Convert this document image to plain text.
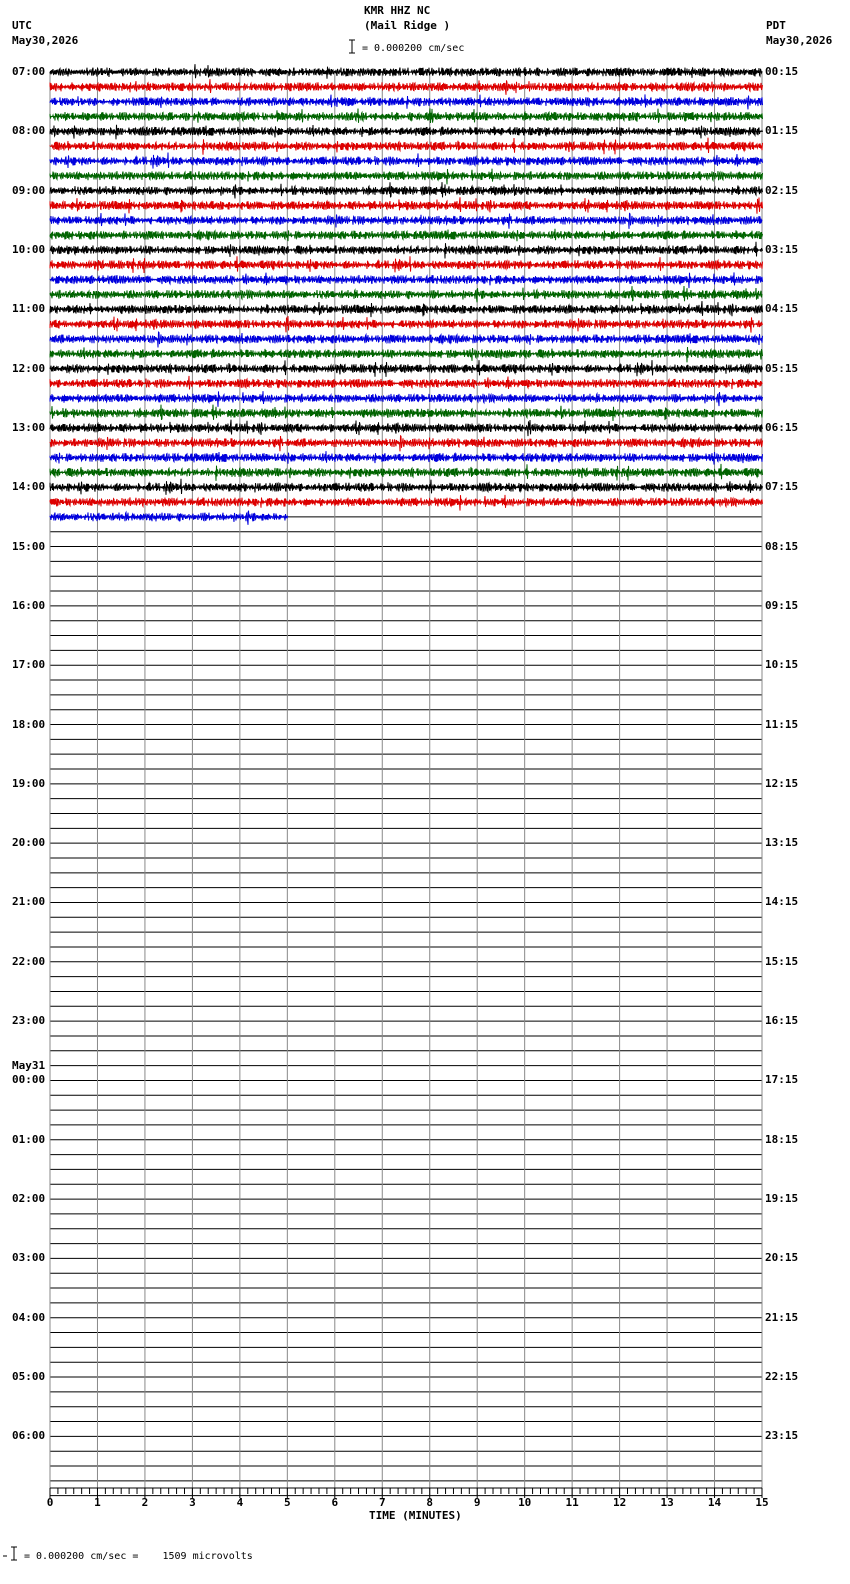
KMR HHZ NC
(Mail Ridge )
= 0.000200 cm/sec
UTC
May30,2026
PDT
May30,2026
07:00
08:00
09:00
10:00
11:00
12:00
13:00
14:00
15:00
16:00
17:00
18:00
19:00
20:00
21:00
22:00
23:00
00:00
May31
01:00
02:00
03:00
04:00
05:00
06:00
00:15
01:15
02:15
03:15
04:15
05:15
06:15
07:15
08:15
09:15
10:15
11:15
12:15
13:15
14:15
15:15
16:15
17:15
18:15
19:15
20:15
21:15
22:15
23:15
0	1	2	3	4	5	6	7	8	9	10	11	12	13	14	15
TIME (MINUTES)
= 0.000200 cm/sec =    1509 microvolts
